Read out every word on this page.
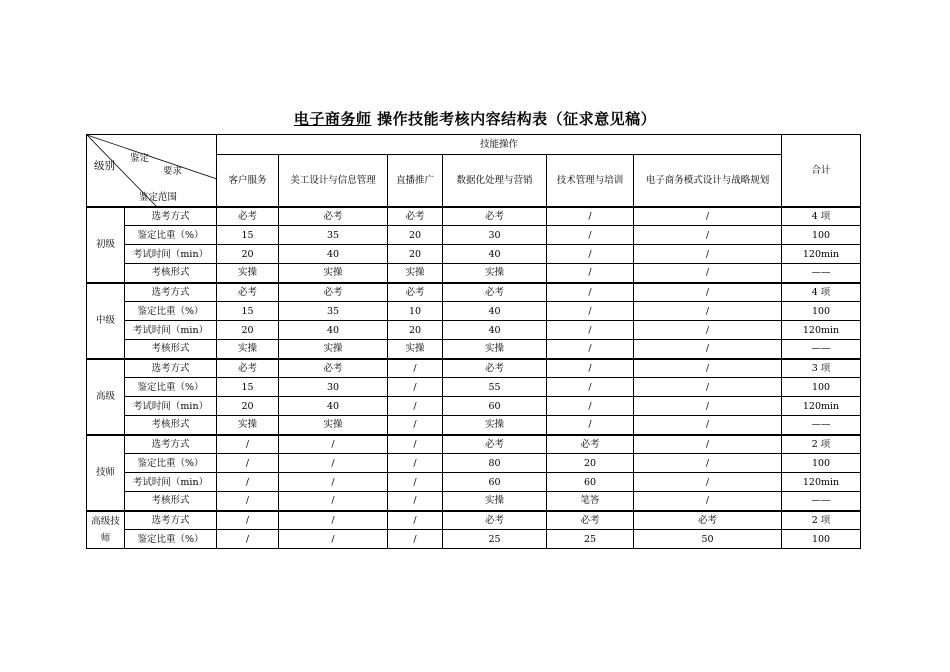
电子商务师 操作技能考核内容结构表（征求意见稿）
鉴定
要求
级别
鉴定范围		技能操作						合计
		客户服务	美工设计与信息管理	直播推广	数据化处理与营销	技术管理与培训	电子商务模式设计与战略规划	
初级	选考方式	必考	必考	必考	必考	/	/	4 项
	鉴定比重（%）	15	35	20	30	/	/	100
	考试时间（min）	20	40	20	40	/	/	120min
	考核形式	实操	实操	实操	实操	/	/	——
中级	选考方式	必考	必考	必考	必考	/	/	4 项
	鉴定比重（%）	15	35	10	40	/	/	100
	考试时间（min）	20	40	20	40	/	/	120min
	考核形式	实操	实操	实操	实操	/	/	——
高级	选考方式	必考	必考	/	必考	/	/	3 项
	鉴定比重（%）	15	30	/	55	/	/	100
	考试时间（min）	20	40	/	60	/	/	120min
	考核形式	实操	实操	/	实操	/	/	——
技师	选考方式	/	/	/	必考	必考	/	2 项
	鉴定比重（%）	/	/	/	80	20	/	100
	考试时间（min）	/	/	/	60	60	/	120min
	考核形式	/	/	/	实操	笔答	/	——
高级技师	选考方式	/	/	/	必考	必考	必考	2 项
	鉴定比重（%）	/	/	/	25	25	50	100
